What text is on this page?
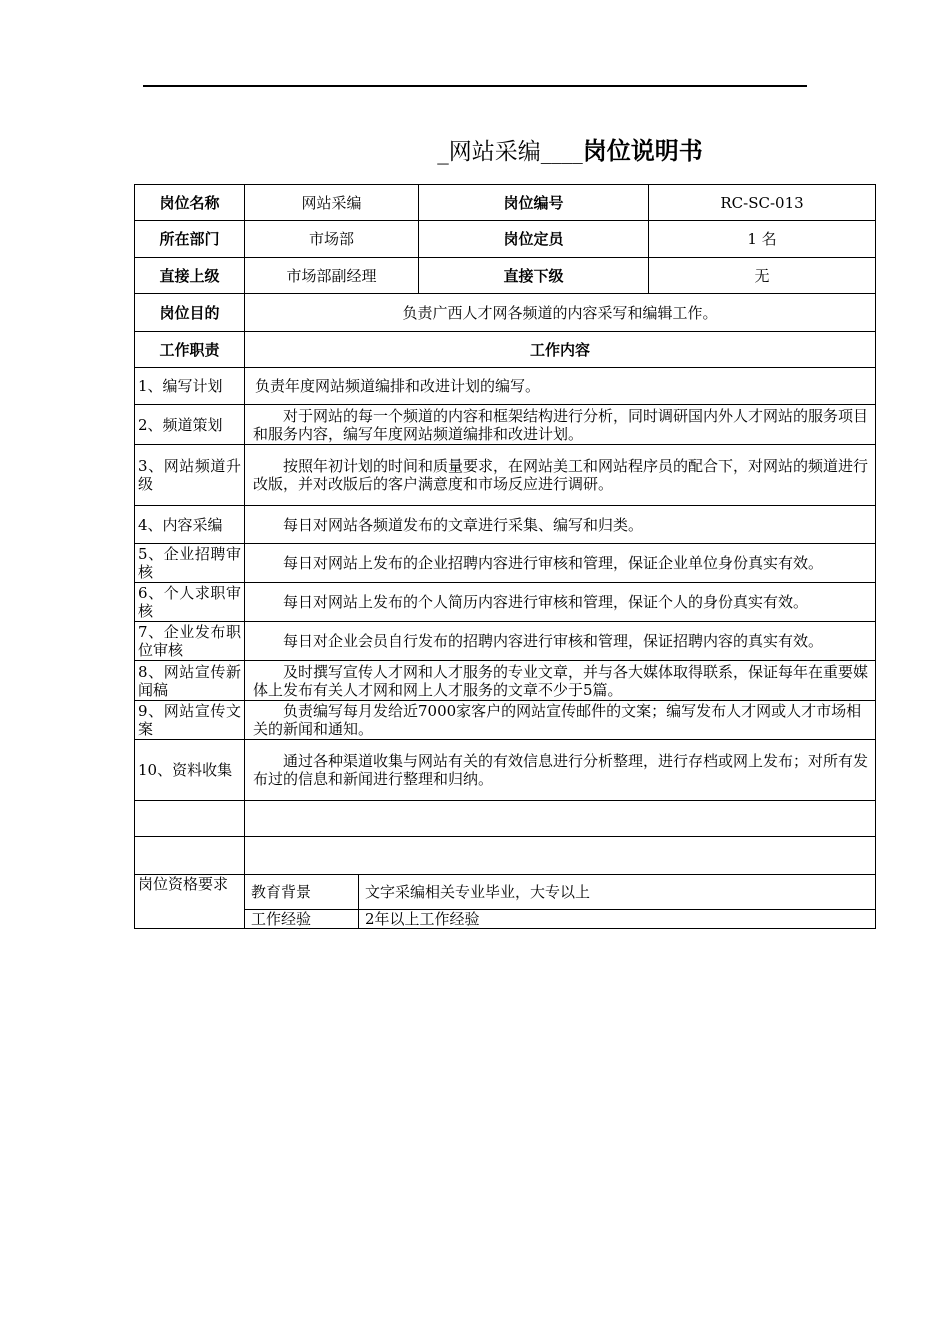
_网站采编____岗位说明书
岗位名称	网站采编		岗位编号	RC-SC-013
所在部门	市场部		岗位定员	1 名
直接上级	市场部副经理		直接下级	无
岗位目的	负责广西人才网各频道的内容采写和编辑工作。			
工作职责	工作内容			
1、编写计划	负责年度网站频道编排和改进计划的编写。			
2、频道策划	对于网站的每一个频道的内容和框架结构进行分析，同时调研国内外人才网站的服务项目和服务内容，编写年度网站频道编排和改进计划。			
3、网站频道升级	按照年初计划的时间和质量要求，在网站美工和网站程序员的配合下，对网站的频道进行改版，并对改版后的客户满意度和市场反应进行调研。			
4、内容采编	每日对网站各频道发布的文章进行采集、编写和归类。			
5、企业招聘审核	每日对网站上发布的企业招聘内容进行审核和管理，保证企业单位身份真实有效。			
6、个人求职审核	每日对网站上发布的个人简历内容进行审核和管理，保证个人的身份真实有效。			
7、企业发布职位审核	每日对企业会员自行发布的招聘内容进行审核和管理，保证招聘内容的真实有效。			
8、网站宣传新闻稿	及时撰写宣传人才网和人才服务的专业文章，并与各大媒体取得联系，保证每年在重要媒体上发布有关人才网和网上人才服务的文章不少于5篇。			
9、网站宣传文案	负责编写每月发给近7000家客户的网站宣传邮件的文案；编写发布人才网或人才市场相关的新闻和通知。			
10、资料收集	通过各种渠道收集与网站有关的有效信息进行分析整理，进行存档或网上发布；对所有发布过的信息和新闻进行整理和归纳。			

岗位资格要求	教育背景	文字采编相关专业毕业，大专以上		
	工作经验	2年以上工作经验		
